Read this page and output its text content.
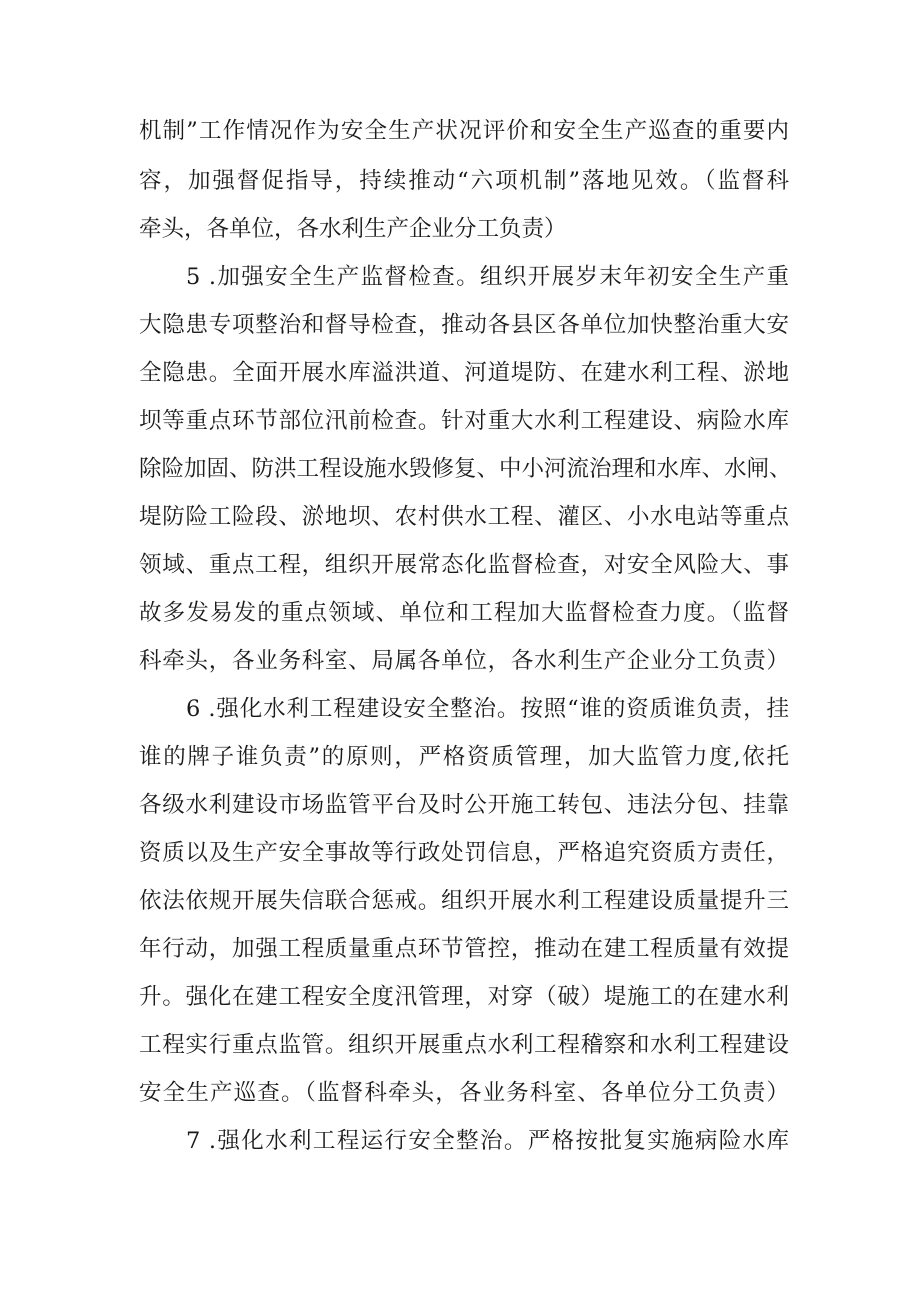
机制”工作情况作为安全生产状况评价和安全生产巡查的重要内
容，加强督促指导，持续推动“六项机制”落地见效。（监督科
牵头，各单位，各水利生产企业分工负责）
5 .加强安全生产监督检查。组织开展岁末年初安全生产重
大隐患专项整治和督导检查，推动各县区各单位加快整治重大安
全隐患。全面开展水库溢洪道、河道堤防、在建水利工程、淤地
坝等重点环节部位汛前检查。针对重大水利工程建设、病险水库
除险加固、防洪工程设施水毁修复、中小河流治理和水库、水闸、
堤防险工险段、淤地坝、农村供水工程、灌区、小水电站等重点
领域、重点工程，组织开展常态化监督检查，对安全风险大、事
故多发易发的重点领域、单位和工程加大监督检查力度。（监督
科牵头，各业务科室、局属各单位，各水利生产企业分工负责）
6 .强化水利工程建设安全整治。按照“谁的资质谁负责，挂
谁的牌子谁负责”的原则，严格资质管理，加大监管力度,依托
各级水利建设市场监管平台及时公开施工转包、违法分包、挂靠
资质以及生产安全事故等行政处罚信息，严格追究资质方责任，
依法依规开展失信联合惩戒。组织开展水利工程建设质量提升三
年行动，加强工程质量重点环节管控，推动在建工程质量有效提
升。强化在建工程安全度汛管理，对穿（破）堤施工的在建水利
工程实行重点监管。组织开展重点水利工程稽察和水利工程建设
安全生产巡查。（监督科牵头，各业务科室、各单位分工负责）
7 .强化水利工程运行安全整治。严格按批复实施病险水库
